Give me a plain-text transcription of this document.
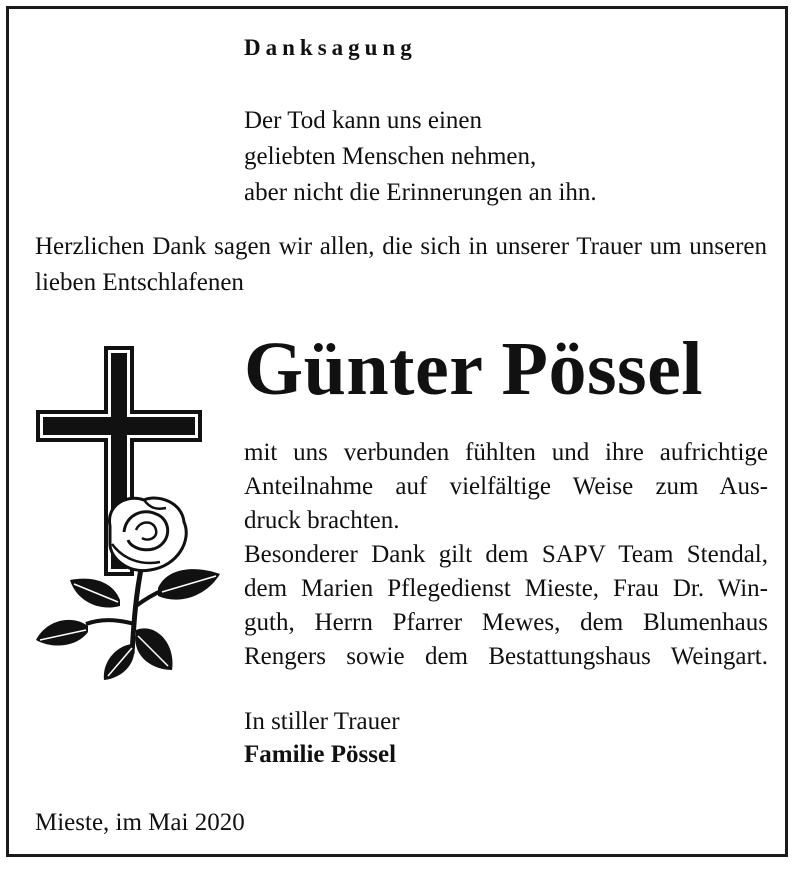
Danksagung

Der Tod kann uns einen
geliebten Menschen nehmen,
aber nicht die Erinnerungen an ihn.

Herzlichen Dank sagen wir allen, die sich in unserer Trauer um unseren lieben Entschlafenen

Günter Pössel

mit uns verbunden fühlten und ihre aufrichtige
Anteilnahme auf vielfältige Weise zum Aus-
druck brachten.
Besonderer Dank gilt dem SAPV Team Stendal,
dem Marien Pflegedienst Mieste, Frau Dr. Win-
guth, Herrn Pfarrer Mewes, dem Blumenhaus
Rengers sowie dem Bestattungshaus Weingart.

In stiller Trauer

Familie Pössel

Mieste, im Mai 2020
